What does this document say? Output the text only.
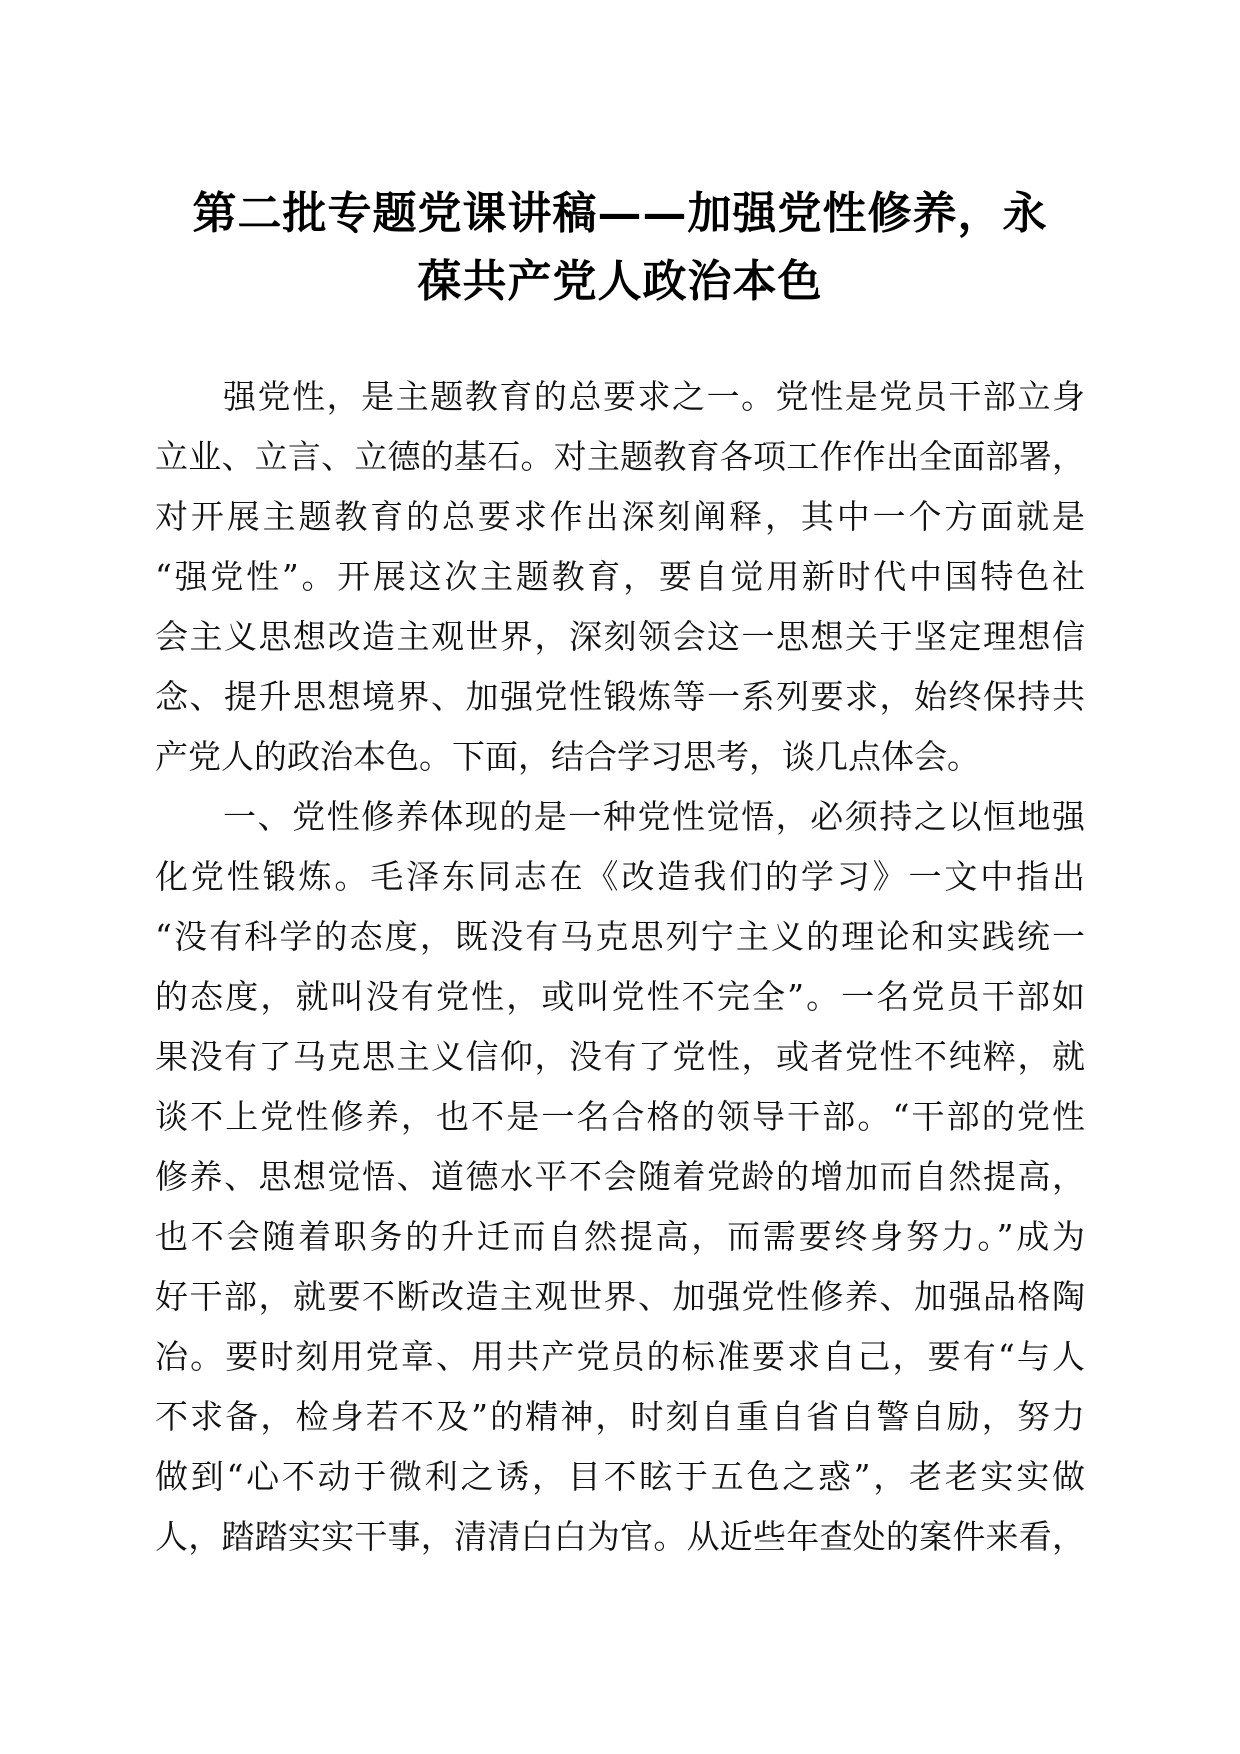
第二批专题党课讲稿——加强党性修养，永
葆共产党人政治本色
强党性，是主题教育的总要求之一。党性是党员干部立身
立业、立言、立德的基石。对主题教育各项工作作出全面部署，
对开展主题教育的总要求作出深刻阐释，其中一个方面就是
“强党性”。开展这次主题教育，要自觉用新时代中国特色社
会主义思想改造主观世界，深刻领会这一思想关于坚定理想信
念、提升思想境界、加强党性锻炼等一系列要求，始终保持共
产党人的政治本色。下面，结合学习思考，谈几点体会。
一、党性修养体现的是一种党性觉悟，必须持之以恒地强
化党性锻炼。毛泽东同志在《改造我们的学习》一文中指出
“没有科学的态度，既没有马克思列宁主义的理论和实践统一
的态度，就叫没有党性，或叫党性不完全”。一名党员干部如
果没有了马克思主义信仰，没有了党性，或者党性不纯粹，就
谈不上党性修养，也不是一名合格的领导干部。“干部的党性
修养、思想觉悟、道德水平不会随着党龄的增加而自然提高，
也不会随着职务的升迁而自然提高，而需要终身努力。”成为
好干部，就要不断改造主观世界、加强党性修养、加强品格陶
冶。要时刻用党章、用共产党员的标准要求自己，要有“与人
不求备，检身若不及”的精神，时刻自重自省自警自励，努力
做到“心不动于微利之诱，目不眩于五色之惑”，老老实实做
人，踏踏实实干事，清清白白为官。从近些年查处的案件来看，
